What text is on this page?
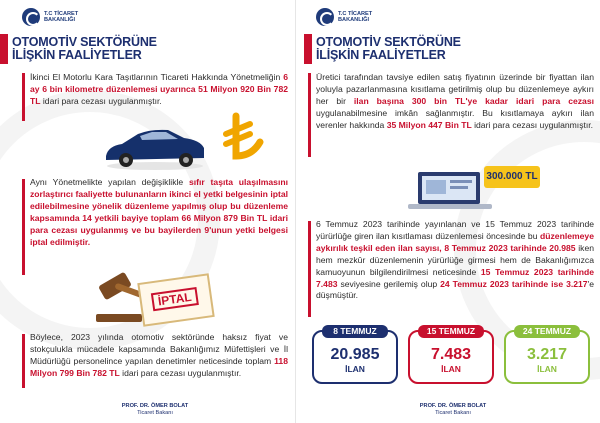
T.C TİCARET BAKANLIĞI
OTOMOTİV SEKTÖRÜNE
İLİŞKİN FAALİYETLER
İkinci El Motorlu Kara Taşıtlarının Ticareti Hakkında Yönetmeliğin 6 ay 6 bin kilometre düzenlemesi uyarınca 51 Milyon 920 Bin 782 TL idari para cezası uygulanmıştır.
Aynı Yönetmelikte yapılan değişiklikle sıfır taşıta ulaşılmasını zorlaştırıcı faaliyette bulunanların ikinci el yetki belgesinin iptal edilebilmesine yönelik düzenleme yapılmış olup bu düzenleme kapsamında 14 yetkili bayiye toplam 66 Milyon 879 Bin TL idari para cezası uygulanmış ve bu bayilerden 9'unun yetki belgesi iptal edilmiştir.
İPTAL
Böylece, 2023 yılında otomotiv sektöründe haksız fiyat ve stokçulukla mücadele kapsamında Bakanlığımız Müfettişleri ve İl Müdürlüğü personelince yapılan denetimler neticesinde toplam 118 Milyon 799 Bin 782 TL idari para cezası uygulanmıştır.
PROF. DR. ÖMER BOLAT
Ticaret Bakanı
T.C TİCARET BAKANLIĞI
OTOMOTİV SEKTÖRÜNE
İLİŞKİN FAALİYETLER
Üretici tarafından tavsiye edilen satış fiyatının üzerinde bir fiyattan ilan yoluyla pazarlanmasına kısıtlama getirilmiş olup bu düzenlemeye aykırı her bir ilan başına 300 bin TL'ye kadar idari para cezası uygulanabilmesine imkân sağlanmıştır. Bu kısıtlamaya aykırı ilan verenler hakkında 35 Milyon 447 Bin TL idari para cezası uygulanmıştır.
300.000 TL
6 Temmuz 2023 tarihinde yayınlanan ve 15 Temmuz 2023 tarihinde yürürlüğe giren ilan kısıtlaması düzenlemesi öncesinde bu düzenlemeye aykırılık teşkil eden ilan sayısı, 8 Temmuz 2023 tarihinde 20.985 iken hem mezkûr düzenlemenin yürürlüğe girmesi hem de Bakanlığımızca kamuoyunun bilgilendirilmesi neticesinde 15 Temmuz 2023 tarihinde 7.483 seviyesine gerilemiş olup 24 Temmuz 2023 tarihinde ise 3.217'e düşmüştür.
8 TEMMUZ
20.985
İLAN
15 TEMMUZ
7.483
İLAN
24 TEMMUZ
3.217
İLAN
PROF. DR. ÖMER BOLAT
Ticaret Bakanı
